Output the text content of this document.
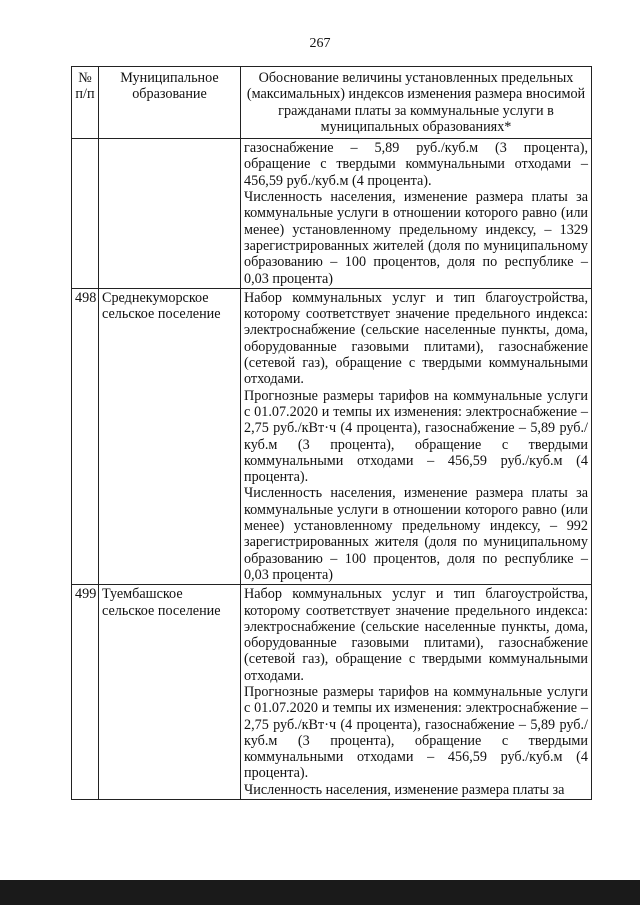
267
№ п/п	Муниципальное образование	Обоснование величины установленных предельных (максимальных) индексов изменения размера вносимой гражданами платы за коммунальные услуги в муниципальных образованиях*

		газоснабжение – 5,89 руб./куб.м (3 процента), обращение с твердыми коммунальными отходами – 456,59 руб./куб.м (4 процента).

Численность населения, изменение размера платы за коммунальные услуги в отношении которого равно (или менее) установленному предельному индексу, – 1329 зарегистрированных жителей (доля по муниципальному образованию – 100 процентов, доля по республике – 0,03 процента)

498	Среднекуморское сельское поселение	Набор коммунальных услуг и тип благоустройства, которому соответствует значение предельного индекса: электроснабжение (сельские населенные пункты, дома, оборудованные газовыми плитами), газоснабжение (сетевой газ), обращение с твердыми коммунальными отходами.

Прогнозные размеры тарифов на коммунальные услуги с 01.07.2020 и темпы их изменения: электроснабжение – 2,75 руб./кВт·ч (4 процента), газоснабжение – 5,89 руб./куб.м (3 процента), обращение с твердыми коммунальными отходами – 456,59 руб./куб.м (4 процента).

Численность населения, изменение размера платы за коммунальные услуги в отношении которого равно (или менее) установленному предельному индексу, – 992 зарегистрированных жителя (доля по муниципальному образованию – 100 процентов, доля по республике – 0,03 процента)

499	Туембашское сельское поселение	Набор коммунальных услуг и тип благоустройства, которому соответствует значение предельного индекса: электроснабжение (сельские населенные пункты, дома, оборудованные газовыми плитами), газоснабжение (сетевой газ), обращение с твердыми коммунальными отходами.

Прогнозные размеры тарифов на коммунальные услуги с 01.07.2020 и темпы их изменения: электроснабжение – 2,75 руб./кВт·ч (4 процента), газоснабжение – 5,89 руб./куб.м (3 процента), обращение с твердыми коммунальными отходами – 456,59 руб./куб.м (4 процента).

Численность населения, изменение размера платы за
